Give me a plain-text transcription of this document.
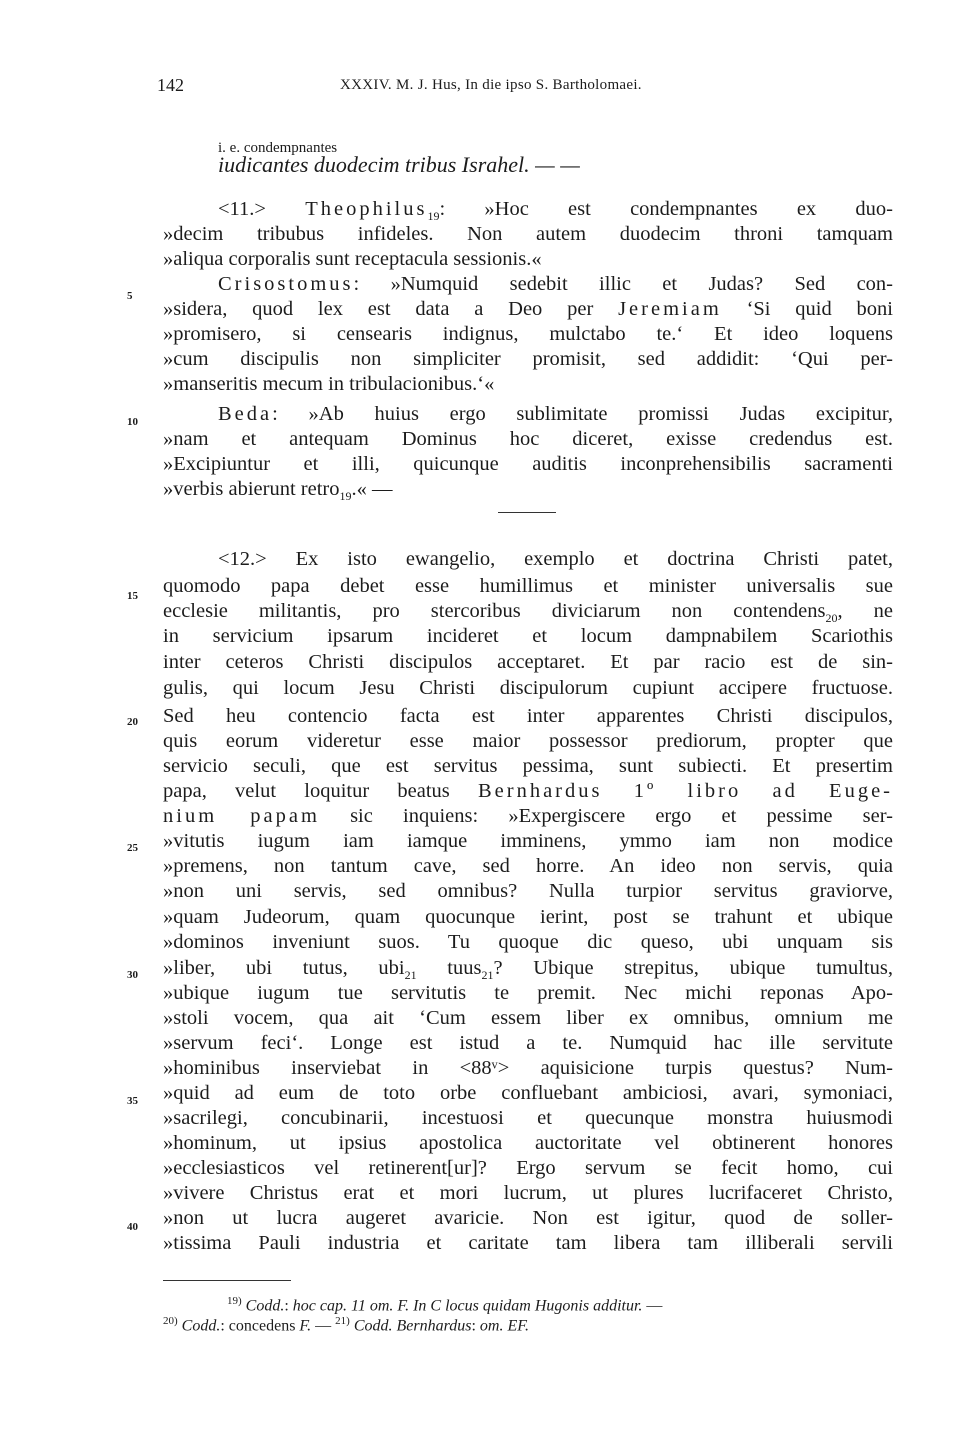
142	XXXIV. M. J. Hus, In die ipso S. Bartholomaei.
i. e. condempnantes
iudicantes duodecim tribus Israhel. — —
<11.> Theophilus$_{19}$: »Hoc est condempnantes ex duo-
»decim tribubus infideles. Non autem duodecim throni tamquam
»aliqua corporalis sunt receptacula sessionis.«
Crisostomus: »Numquid sedebit illic et Judas? Sed con-
»sidera, quod lex est data a Deo per Jeremiam ‘Si quid boni
»promisero, si censearis indignus, mulctabo te.‘ Et ideo loquens
»cum discipulis non simpliciter promisit, sed addidit: ‘Qui per-
»manseritis mecum in tribulacionibus.‘«
Beda: »Ab huius ergo sublimitate promissi Judas excipitur,
»nam et antequam Dominus hoc diceret, exisse credendus est.
»Excipiuntur et illi, quicunque auditis inconprehensibilis sacramenti
»verbis abierunt retro$_{19}$.« —
<12.> Ex isto ewangelio, exemplo et doctrina Christi patet,
quomodo papa debet esse humillimus et minister universalis sue
ecclesie militantis, pro stercoribus diviciarum non contendens$_{20}$, ne
in servicium ipsarum incideret et locum dampnabilem Scariothis
inter ceteros Christi discipulos acceptaret. Et par racio est de sin-
gulis, qui locum Jesu Christi discipulorum cupiunt accipere fructuose.
Sed heu contencio facta est inter apparentes Christi discipulos,
quis eorum videretur esse maior possessor prediorum, propter que
servicio seculi, que est servitus pessima, sunt subiecti. Et presertim
papa, velut loquitur beatus Bernhardus 1º libro ad Euge-
nium papam sic inquiens: »Expergiscere ergo et pessime ser-
»vitutis iugum iam iamque imminens, ymmo iam non modice
»premens, non tantum cave, sed horre. An ideo non servis, quia
»non uni servis, sed omnibus? Nulla turpior servitus graviorve,
»quam Judeorum, quam quocunque ierint, post se trahunt et ubique
»dominos inveniunt suos. Tu quoque dic queso, ubi unquam sis
»liber, ubi tutus, ubi$_{21}$ tuus$_{21}$? Ubique strepitus, ubique tumultus,
»ubique iugum tue servitutis te premit. Nec michi reponas Apo-
»stoli vocem, qua ait ‘Cum essem liber ex omnibus, omnium me
»servum feci‘. Longe est istud a te. Numquid hac ille servitute
»hominibus inserviebat in <88ᵛ> aquisicione turpis questus? Num-
»quid ad eum de toto orbe confluebant ambiciosi, avari, symoniaci,
»sacrilegi, concubinarii, incestuosi et quecunque monstra huiusmodi
»hominum, ut ipsius apostolica auctoritate vel obtinerent honores
»ecclesiasticos vel retinerent[ur]? Ergo servum se fecit homo, cui
»vivere Christus erat et mori lucrum, ut plures lucrifaceret Christo,
»non ut lucra augeret avaricie. Non est igitur, quod de soller-
»tissima Pauli industria et caritate tam libera tam illiberali servili
5
10
15
20
25
30
35
40
$^{19)}$ Codd.: hoc cap. 11 om. F. In C locus quidam Hugonis additur. —
$^{20)}$ Codd.: concedens F. — $^{21)}$ Codd. Bernhardus: om. EF.
